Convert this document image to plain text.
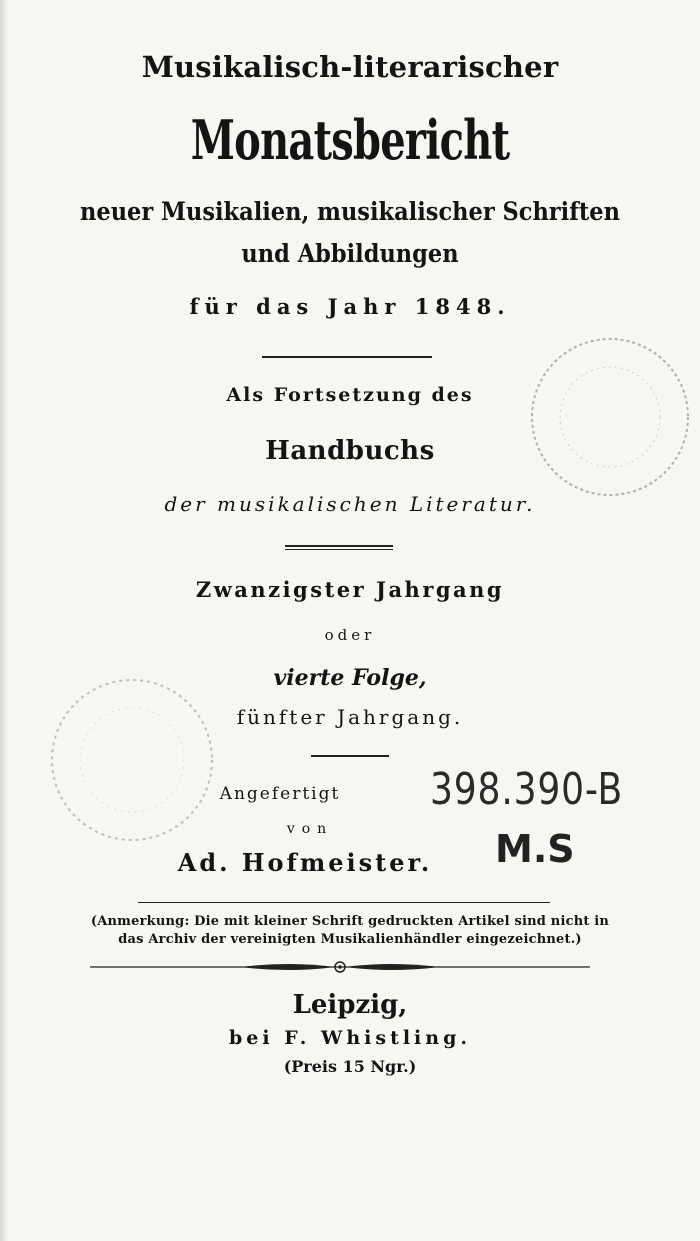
Musikalisch-literarischer
Monatsbericht
neuer Musikalien, musikalischer Schriften
und Abbildungen
für das Jahr 1848.
Als Fortsetzung des
Handbuchs
der musikalischen Literatur.
Zwanzigster Jahrgang
oder
vierte Folge,
fünfter Jahrgang.
Angefertigt
von
Ad. Hofmeister.
398.390-B
M.S
(Anmerkung: Die mit kleiner Schrift gedruckten Artikel sind nicht in
das Archiv der vereinigten Musikalienhändler eingezeichnet.)
Leipzig,
bei F. Whistling.
(Preis 15 Ngr.)
